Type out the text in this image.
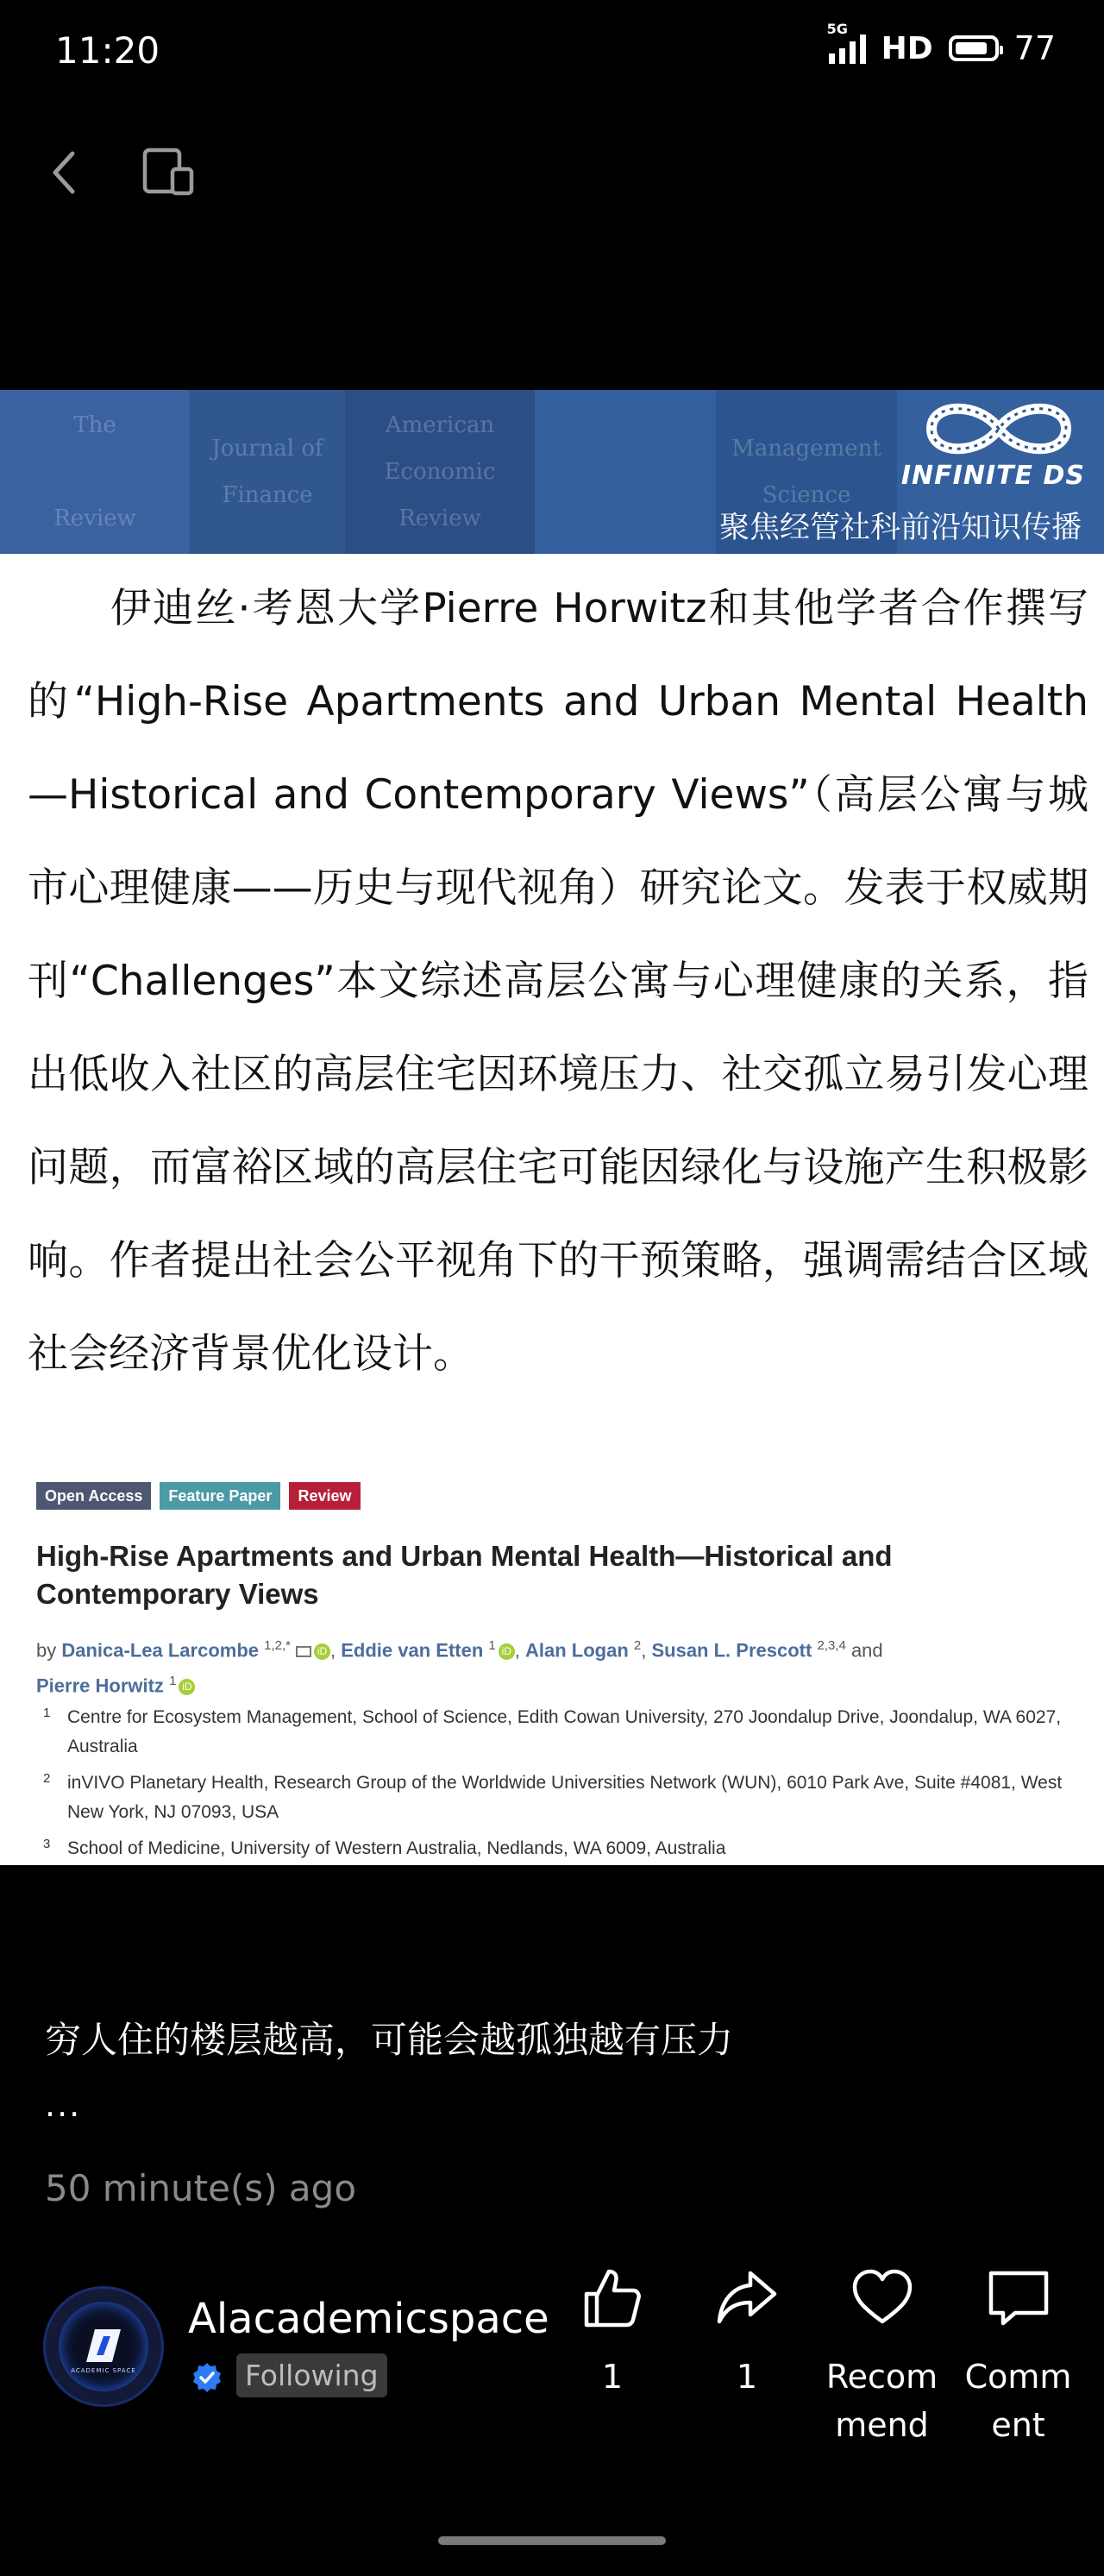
11:20
5G
HD 77
The

Review
Journal of
Finance
American
Economic
Review
Management
Science
INFINITE DS
聚焦经管社科前沿知识传播

伊迪丝·考恩大学Pierre Horwitz和其他学者合作撰写的“High-Rise Apartments and Urban Mental Health—Historical and Contemporary Views”（高层公寓与城市心理健康——历史与现代视角）研究论文。发表于权威期刊“Challenges”本文综述高层公寓与心理健康的关系，指出低收入社区的高层住宅因环境压力、社交孤立易引发心理问题，而富裕区域的高层住宅可能因绿化与设施产生积极影响。作者提出社会公平视角下的干预策略，强调需结合区域社会经济背景优化设计。

Open Access	Feature Paper	Review
High-Rise Apartments and Urban Mental Health—Historical and Contemporary Views
by Danica-Lea Larcombe $^{1,2,*}$	iD , Eddie van Etten $^1$ iD , Alan Logan $^2$, Susan L. Prescott $^{2,3,4}$ and
Pierre Horwitz $^1$ iD
1 Centre for Ecosystem Management, School of Science, Edith Cowan University, 270 Joondalup Drive, Joondalup, WA 6027, Australia
2 inVIVO Planetary Health, Research Group of the Worldwide Universities Network (WUN), 6010 Park Ave, Suite #4081, West New York, NJ 07093, USA
3 School of Medicine, University of Western Australia, Nedlands, WA 6009, Australia
穷人住的楼层越高，可能会越孤独越有压力
...
50 minute(s) ago
ACADEMIC SPACE
Alacademicspace
Following	1	1	Recom mend
Comm ent
